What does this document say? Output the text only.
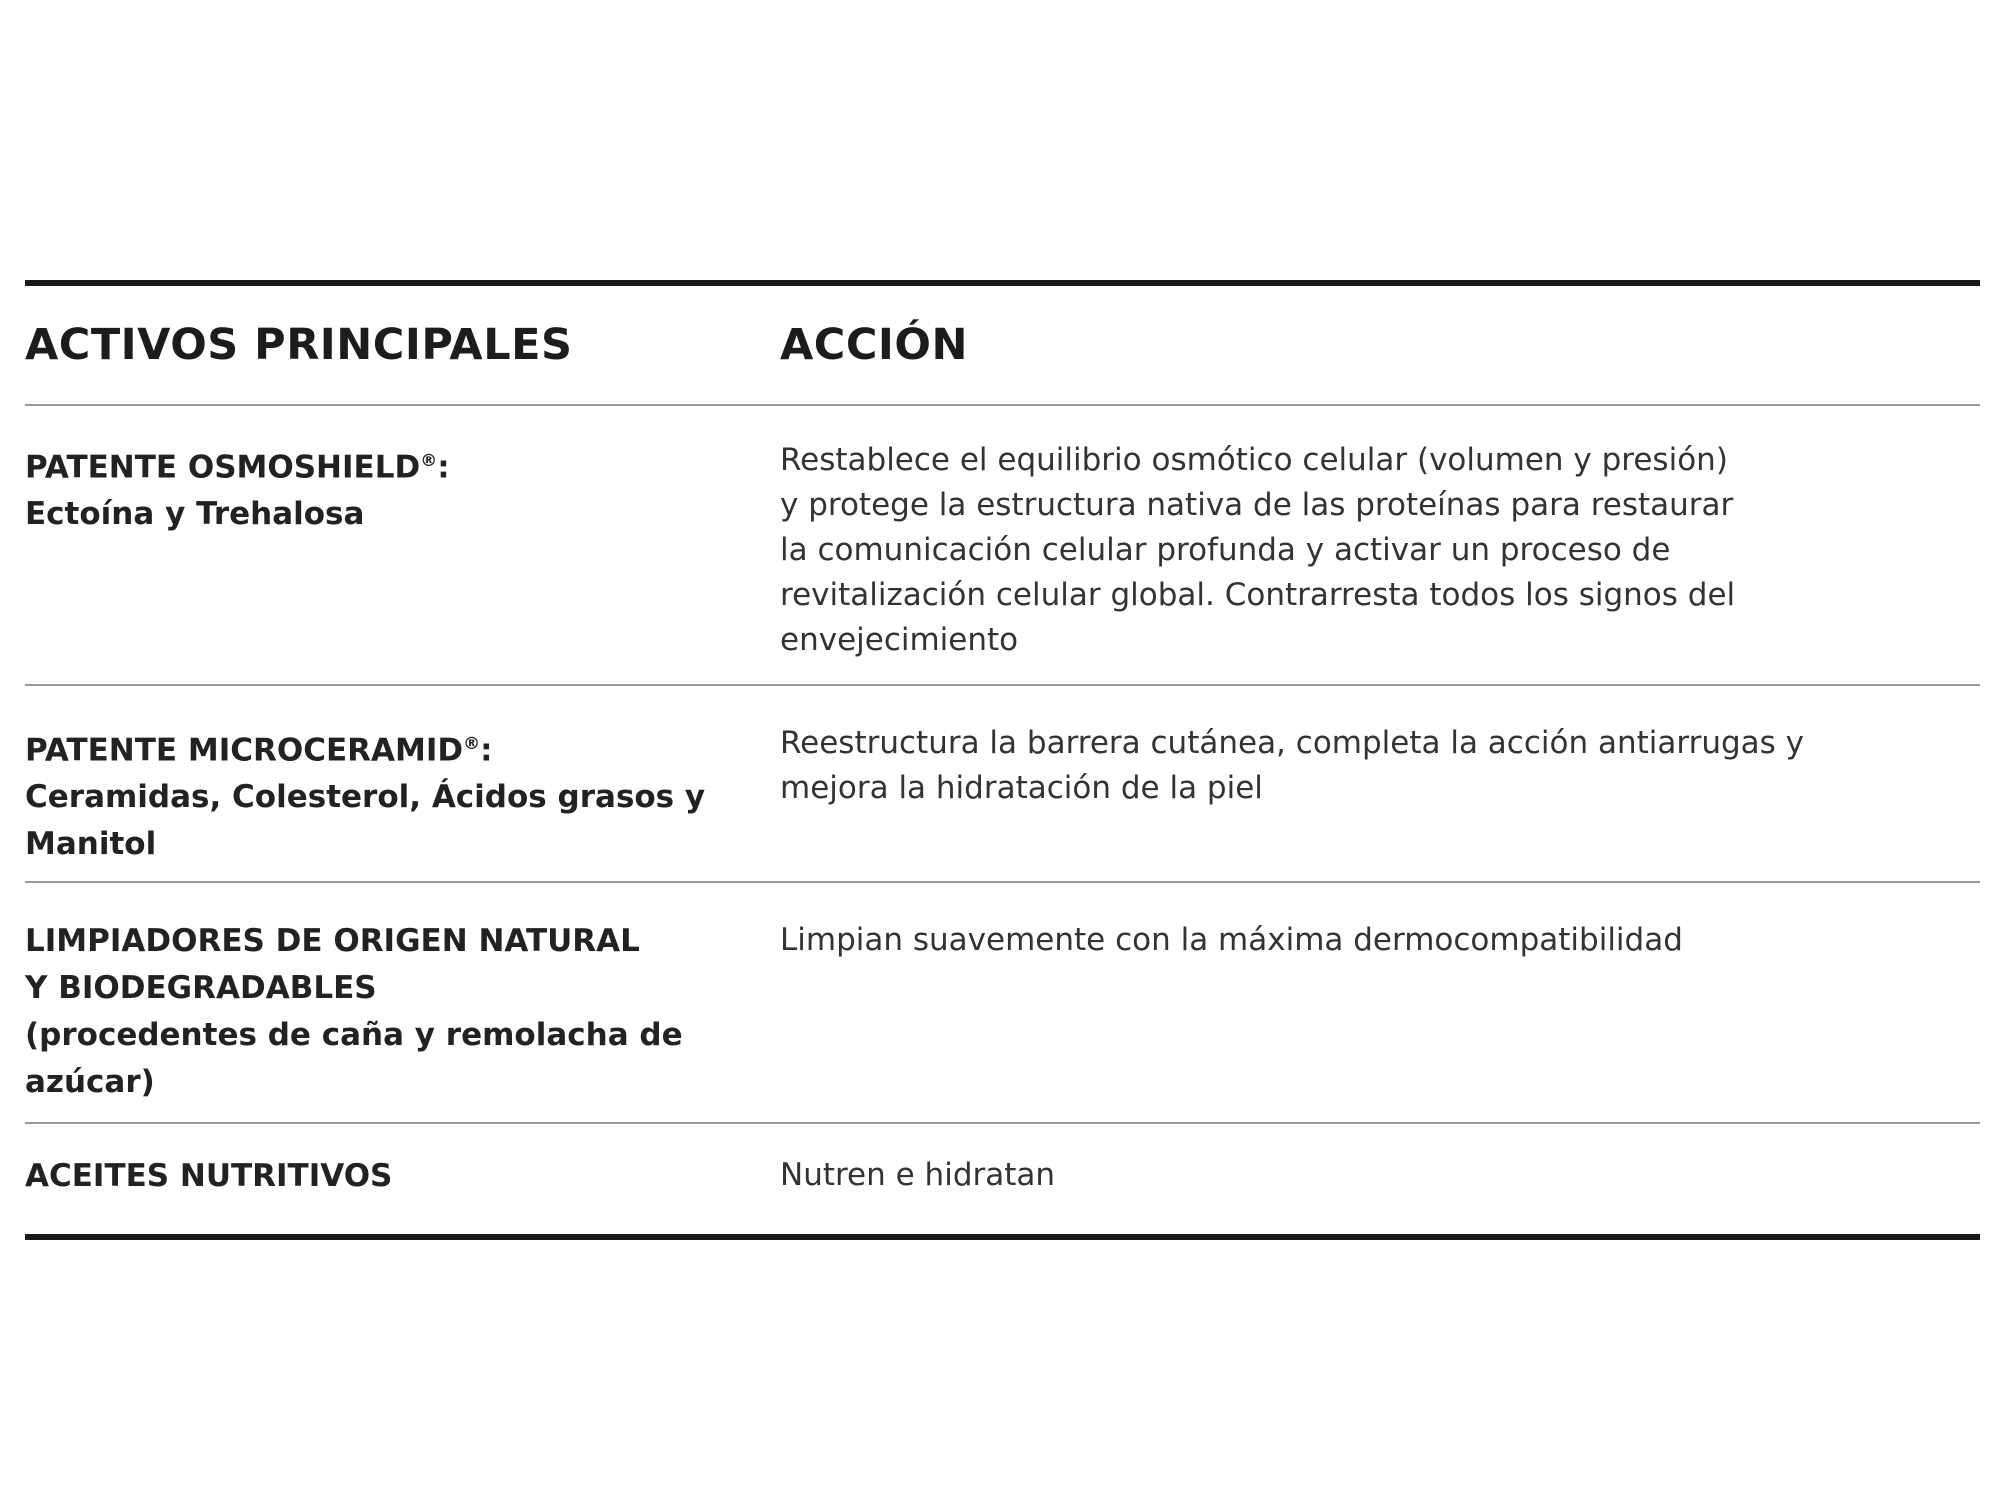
ACTIVOS PRINCIPALES	ACCIÓN
PATENTE OSMOSHIELD®:
Ectoína y Trehalosa
Restablece el equilibrio osmótico celular (volumen y presión)
y protege la estructura nativa de las proteínas para restaurar
la comunicación celular profunda y activar un proceso de
revitalización celular global. Contrarresta todos los signos del
envejecimiento
PATENTE MICROCERAMID®:
Ceramidas, Colesterol, Ácidos grasos y
Manitol
Reestructura la barrera cutánea, completa la acción antiarrugas y
mejora la hidratación de la piel
LIMPIADORES DE ORIGEN NATURAL
Y BIODEGRADABLES
(procedentes de caña y remolacha de
azúcar)
Limpian suavemente con la máxima dermocompatibilidad
ACEITES NUTRITIVOS	Nutren e hidratan
